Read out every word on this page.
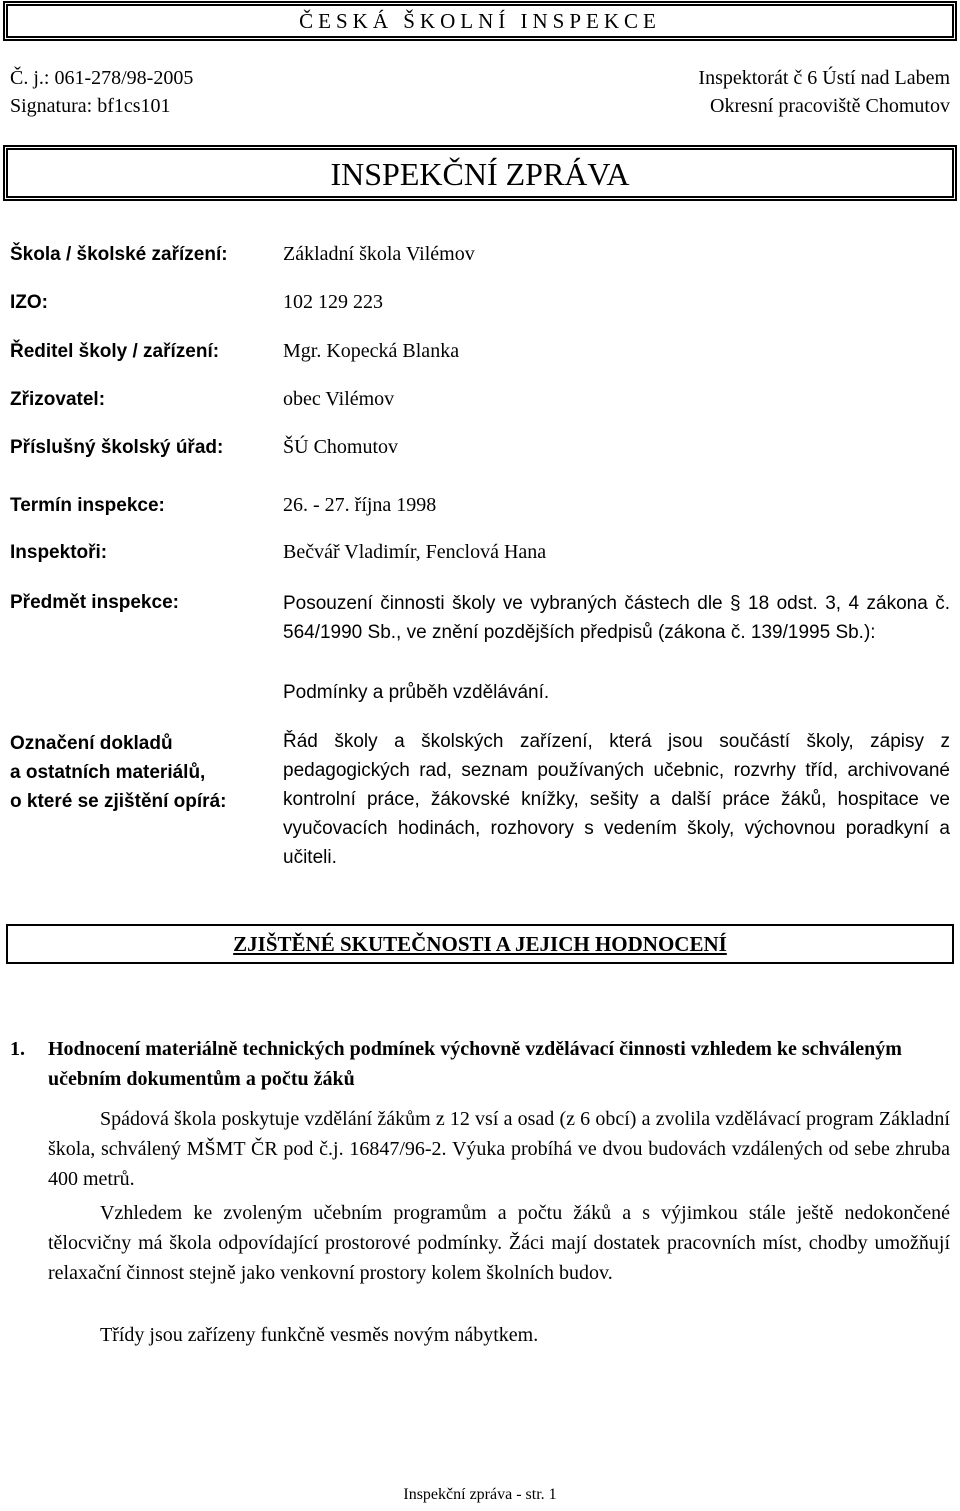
ČESKÁ ŠKOLNÍ INSPEKCE
Č. j.: 061-278/98-2005
Signatura: bf1cs101
Inspektorát č 6 Ústí nad Labem
Okresní pracoviště Chomutov
INSPEKČNÍ ZPRÁVA
Škola / školské zařízení:	Základní škola Vilémov
IZO:	102 129 223
Ředitel školy / zařízení:	Mgr. Kopecká Blanka
Zřizovatel:	obec Vilémov
Příslušný školský úřad:	ŠÚ Chomutov
Termín inspekce:	26. - 27. října 1998
Inspektoři:	Bečvář Vladimír, Fenclová Hana
Předmět inspekce:	Posouzení činnosti školy ve vybraných částech dle § 18 odst. 3, 4 zákona č. 564/1990 Sb., ve znění pozdějších předpisů (zákona č. 139/1995 Sb.):
Podmínky a průběh vzdělávání.
Označení dokladů
a ostatních materiálů,
o které se zjištění opírá:
Řád školy a školských zařízení, která jsou součástí školy, zápisy z pedagogických rad, seznam používaných učebnic, rozvrhy tříd, archivované kontrolní práce, žákovské knížky, sešity a další práce žáků, hospitace ve vyučovacích hodinách, rozhovory s vedením školy, výchovnou poradkyní a učiteli.
ZJIŠTĚNÉ SKUTEČNOSTI A JEJICH HODNOCENÍ
1. Hodnocení materiálně technických podmínek výchovně vzdělávací činnosti vzhledem ke schváleným učebním dokumentům a počtu žáků
Spádová škola poskytuje vzdělání žákům z 12 vsí a osad (z 6 obcí) a zvolila vzdělávací program Základní škola, schválený MŠMT ČR pod č.j. 16847/96-2. Výuka probíhá ve dvou budovách vzdálených od sebe zhruba 400 metrů.
Vzhledem ke zvoleným učebním programům a počtu žáků a s výjimkou stále ještě nedokončené tělocvičny má škola odpovídající prostorové podmínky. Žáci mají dostatek pracovních míst, chodby umožňují relaxační činnost stejně jako venkovní prostory kolem školních budov.
Třídy jsou zařízeny funkčně vesměs novým nábytkem.
Inspekční zpráva - str. 1
